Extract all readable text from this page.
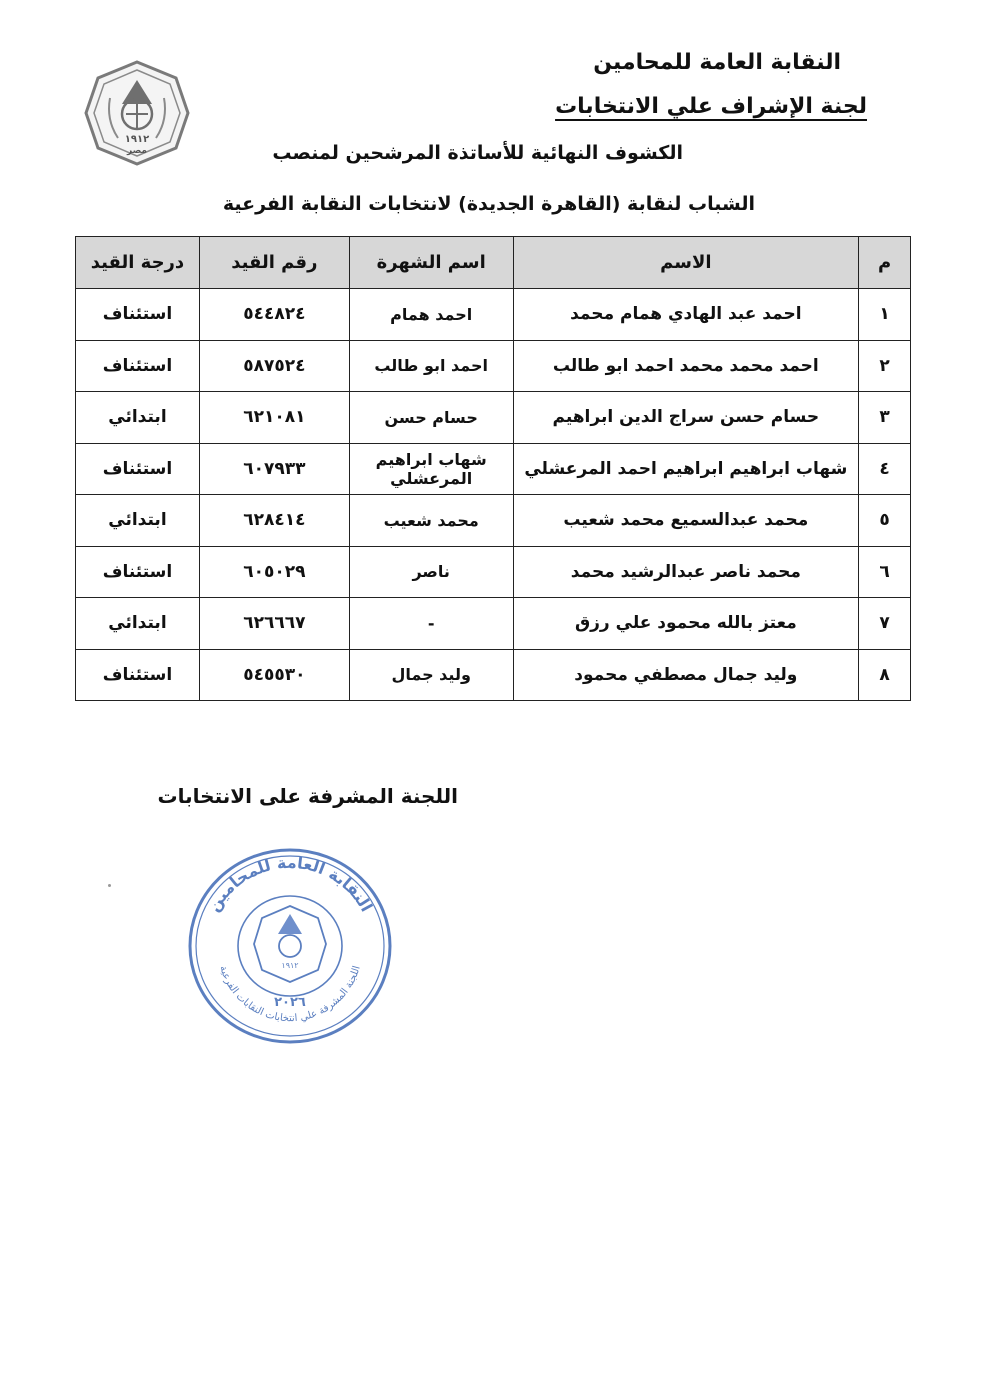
١٩١٢
مصر
النقابة العامة للمحامين
لجنة الإشراف علي الانتخابات
الكشوف النهائية للأساتذة المرشحين لمنصب
الشباب لنقابة (القاهرة الجديدة) لانتخابات النقابة الفرعية
م	الاسم	اسم الشهرة	رقم القيد	درجة القيد
١	احمد عبد الهادي همام محمد	احمد همام	٥٤٤٨٢٤	استئناف
٢	احمد محمد محمد احمد ابو طالب	احمد ابو طالب	٥٨٧٥٢٤	استئناف
٣	حسام حسن سراج الدين ابراهيم	حسام حسن	٦٢١٠٨١	ابتدائي
٤	شهاب ابراهيم ابراهيم احمد المرعشلي	شهاب ابراهيم المرعشلي	٦٠٧٩٣٣	استئناف
٥	محمد عبدالسميع محمد شعيب	محمد شعيب	٦٢٨٤١٤	ابتدائي
٦	محمد ناصر عبدالرشيد محمد	ناصر	٦٠٥٠٢٩	استئناف
٧	معتز بالله محمود علي رزق	-	٦٢٦٦٦٧	ابتدائي
٨	وليد جمال مصطفي محمود	وليد جمال	٥٤٥٥٣٠	استئناف
اللجنة المشرفة على الانتخابات
النقابة العامة للمحامين
اللجنة المشرفة علي انتخابات النقابات الفرعية
١٩١٢
٢٠٢٦
